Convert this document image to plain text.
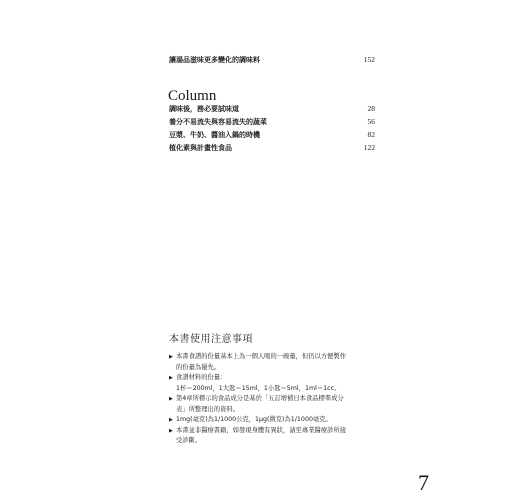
讓湯品滋味更多變化的調味料	152
Column
調味後，務必要試味道	28
養分不易流失與容易流失的蔬菜	56
豆漿、牛奶、醬油入鍋的時機	82
植化素與計畫性食品	122
本書使用注意事項
▶ 本書食譜的份量基本上為一個人喝的一碗量，但仍以方便製作
的份量為優先。
▶ 食譜材料的份量：
1杯＝200ml，1大匙＝15ml，1小匙＝5ml，1ml＝1cc。
▶ 第4章所標示的食品成分是基於「五訂增補日本食品標準成分
表」所整理出的資料。
▶ 1mg(毫克)為1/1000公克，1μg(微克)為1/1000毫克。
▶ 本書並非醫療書籍，如發現身體有異狀，請至專業醫療診所接
受診斷。
7
